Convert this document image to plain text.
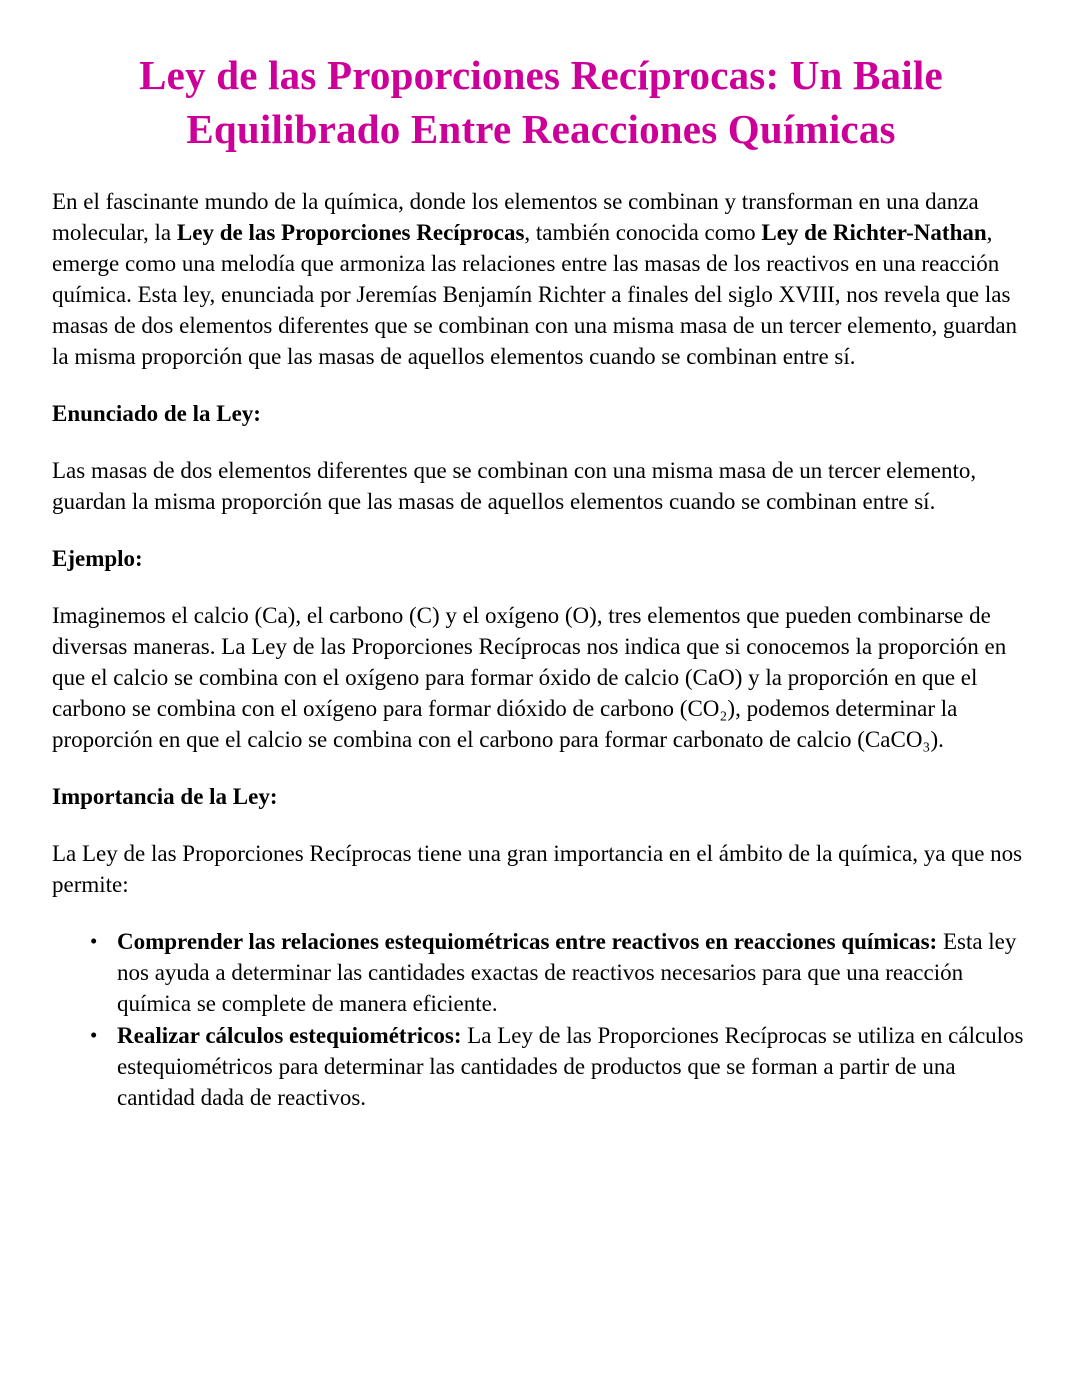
Ley de las Proporciones Recíprocas: Un Baile Equilibrado Entre Reacciones Químicas

En el fascinante mundo de la química, donde los elementos se combinan y transforman en una danza molecular, la Ley de las Proporciones Recíprocas, también conocida como Ley de Richter-Nathan, emerge como una melodía que armoniza las relaciones entre las masas de los reactivos en una reacción química. Esta ley, enunciada por Jeremías Benjamín Richter a finales del siglo XVIII, nos revela que las masas de dos elementos diferentes que se combinan con una misma masa de un tercer elemento, guardan la misma proporción que las masas de aquellos elementos cuando se combinan entre sí.

Enunciado de la Ley:

Las masas de dos elementos diferentes que se combinan con una misma masa de un tercer elemento, guardan la misma proporción que las masas de aquellos elementos cuando se combinan entre sí.

Ejemplo:

Imaginemos el calcio (Ca), el carbono (C) y el oxígeno (O), tres elementos que pueden combinarse de diversas maneras. La Ley de las Proporciones Recíprocas nos indica que si conocemos la proporción en que el calcio se combina con el oxígeno para formar óxido de calcio (CaO) y la proporción en que el carbono se combina con el oxígeno para formar dióxido de carbono (CO₂), podemos determinar la proporción en que el calcio se combina con el carbono para formar carbonato de calcio (CaCO₃).

Importancia de la Ley:

La Ley de las Proporciones Recíprocas tiene una gran importancia en el ámbito de la química, ya que nos permite:

• Comprender las relaciones estequiométricas entre reactivos en reacciones químicas: Esta ley nos ayuda a determinar las cantidades exactas de reactivos necesarios para que una reacción química se complete de manera eficiente.
• Realizar cálculos estequiométricos: La Ley de las Proporciones Recíprocas se utiliza en cálculos estequiométricos para determinar las cantidades de productos que se forman a partir de una cantidad dada de reactivos.
